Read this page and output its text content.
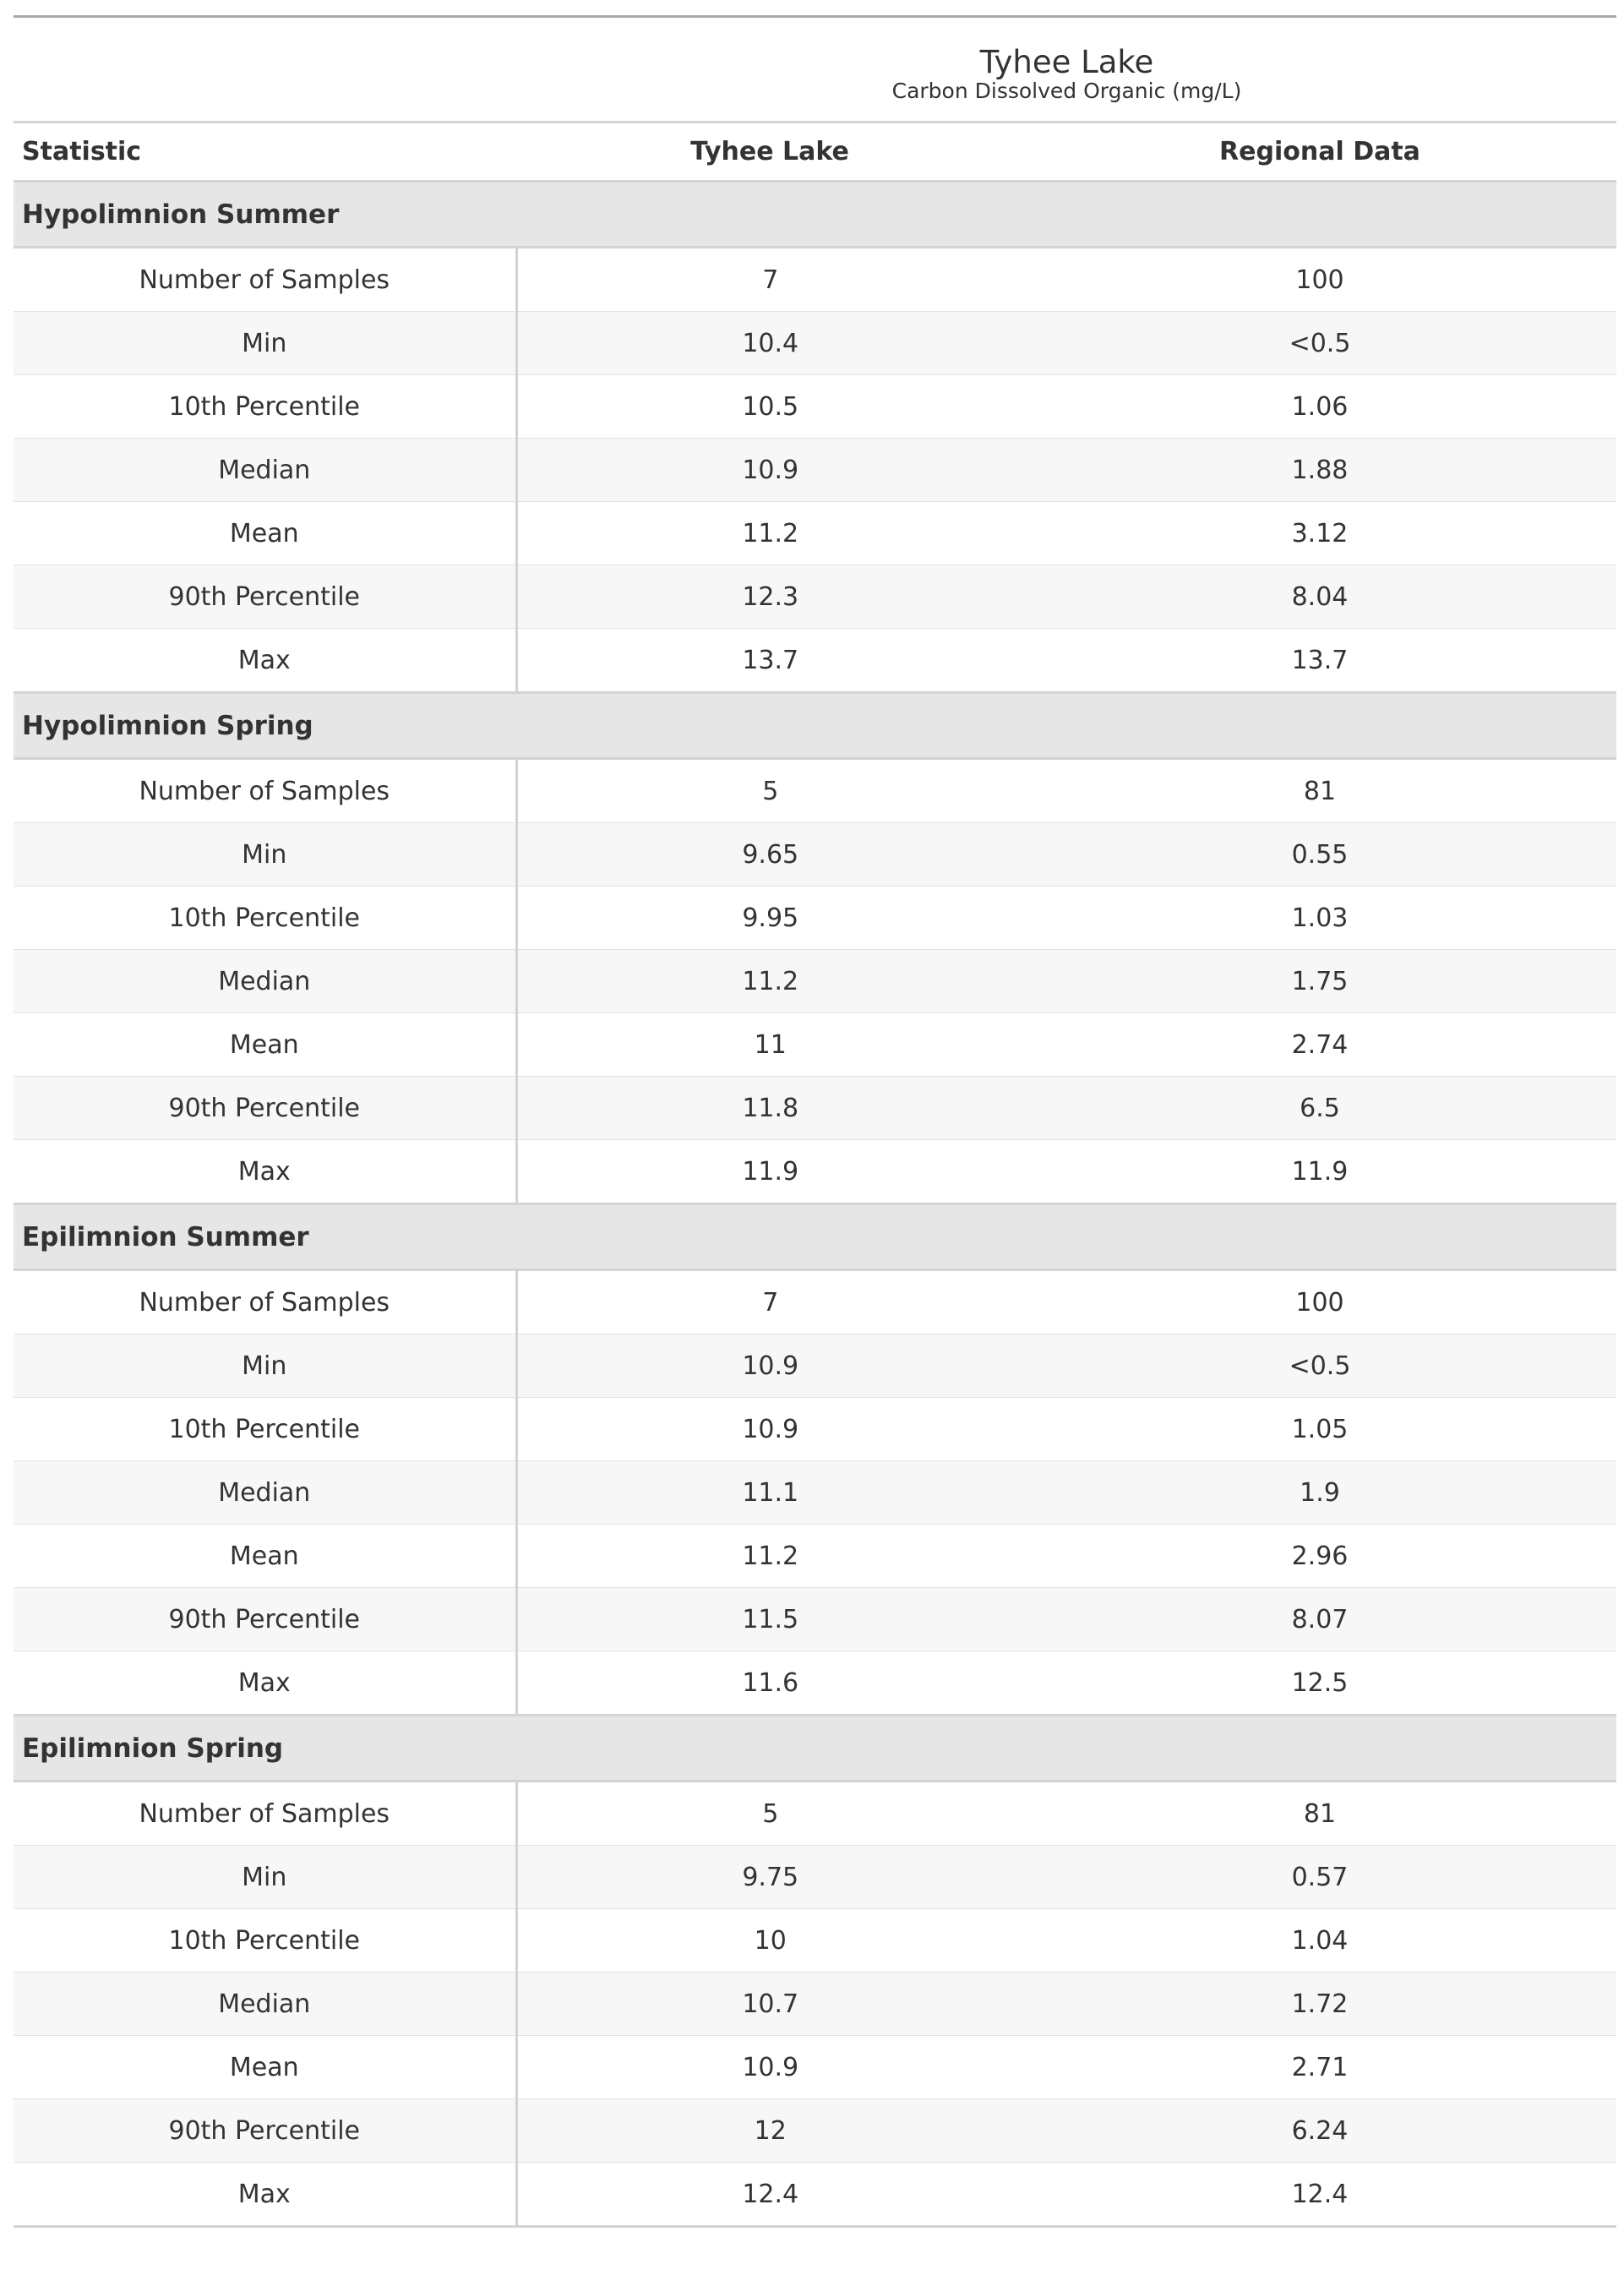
Tyhee Lake		
Carbon Dissolved Organic (mg/L)		
Statistic	Tyhee Lake	Regional Data
Hypolimnion Summer		
Number of Samples	7	100
Min	10.4	<0.5
10th Percentile	10.5	1.06
Median	10.9	1.88
Mean	11.2	3.12
90th Percentile	12.3	8.04
Max	13.7	13.7
Hypolimnion Spring		
Number of Samples	5	81
Min	9.65	0.55
10th Percentile	9.95	1.03
Median	11.2	1.75
Mean	11	2.74
90th Percentile	11.8	6.5
Max	11.9	11.9
Epilimnion Summer		
Number of Samples	7	100
Min	10.9	<0.5
10th Percentile	10.9	1.05
Median	11.1	1.9
Mean	11.2	2.96
90th Percentile	11.5	8.07
Max	11.6	12.5
Epilimnion Spring		
Number of Samples	5	81
Min	9.75	0.57
10th Percentile	10	1.04
Median	10.7	1.72
Mean	10.9	2.71
90th Percentile	12	6.24
Max	12.4	12.4
